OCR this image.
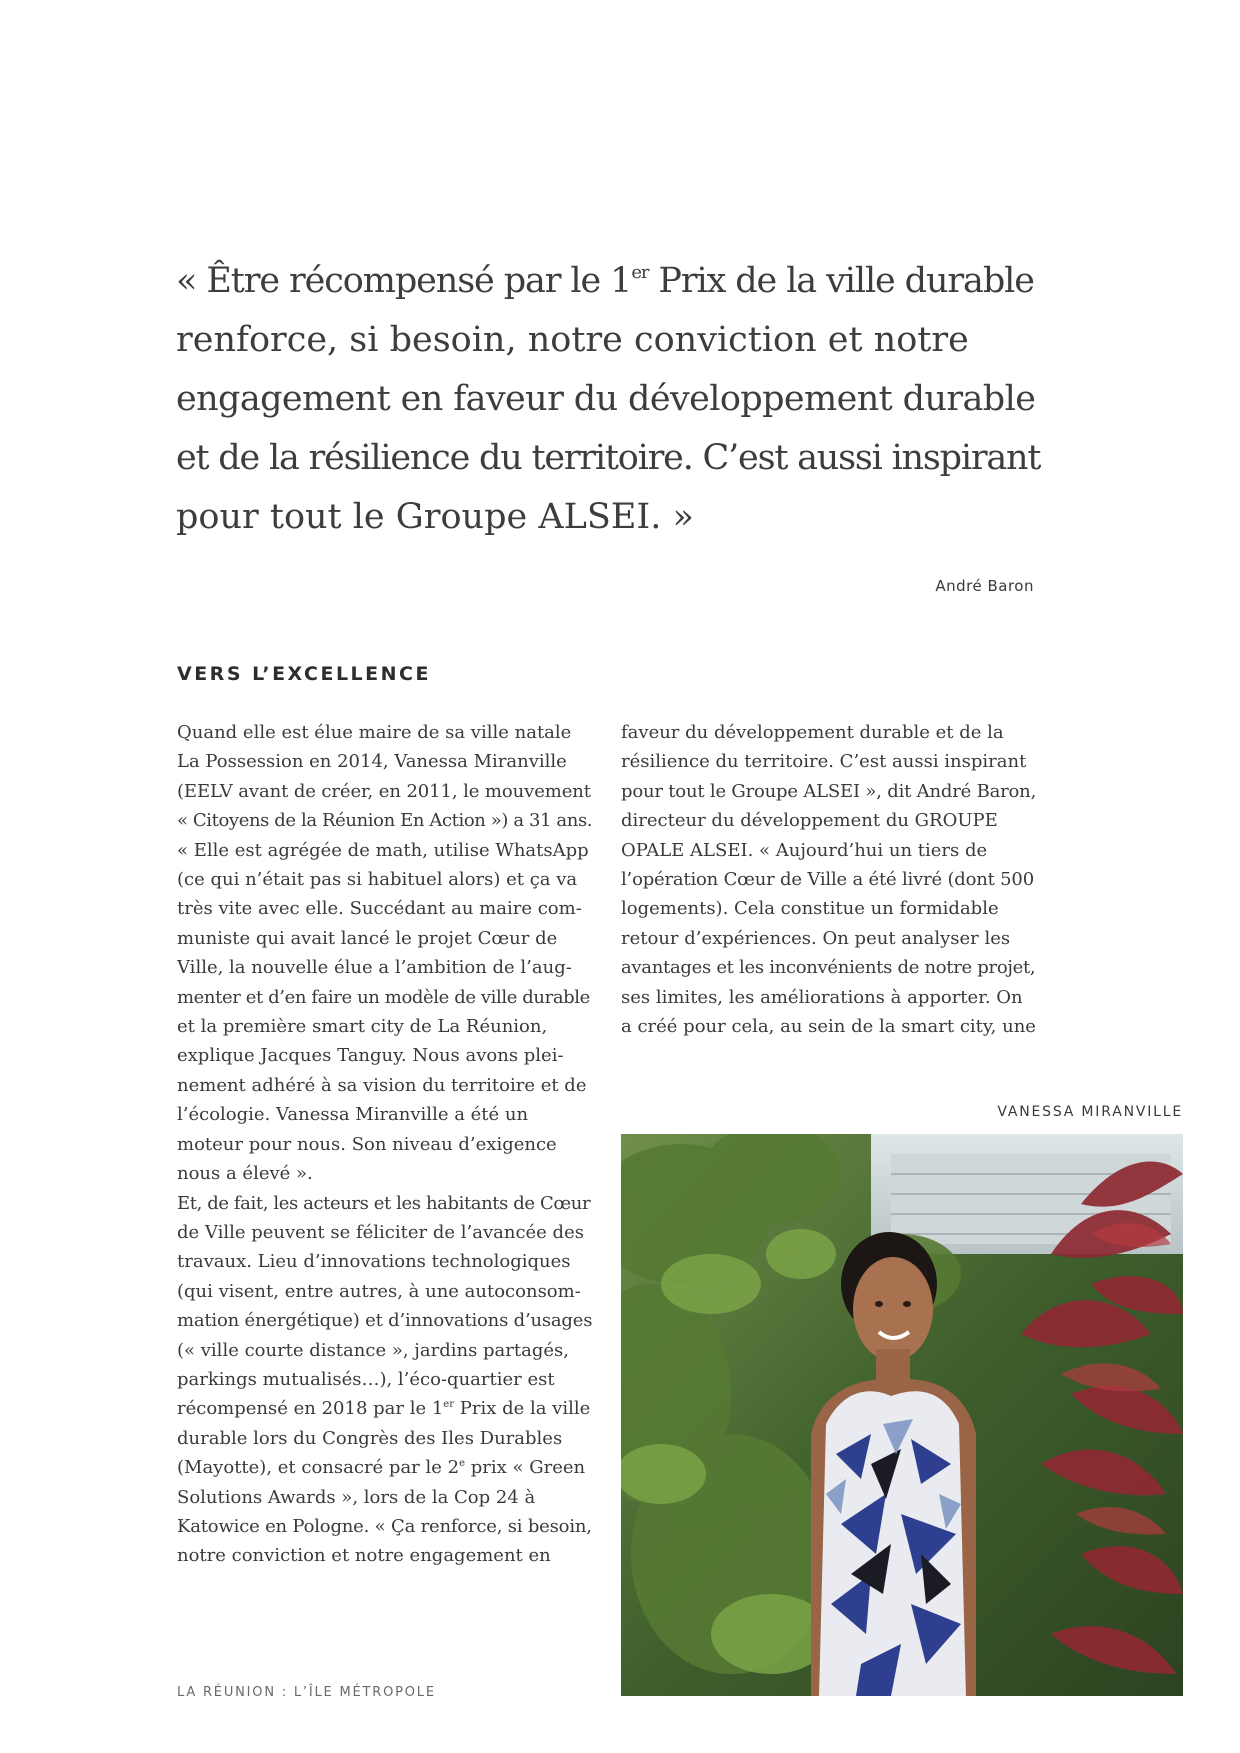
« Être récompensé par le 1er Prix de la ville durable
renforce, si besoin, notre conviction et notre
engagement en faveur du développement durable
et de la résilience du territoire. C’est aussi inspirant
pour tout le Groupe ALSEI. »
André Baron
VERS L’EXCELLENCE
Quand elle est élue maire de sa ville natale
La Possession en 2014, Vanessa Miranville
(EELV avant de créer, en 2011, le mouvement
« Citoyens de la Réunion En Action ») a 31 ans.
« Elle est agrégée de math, utilise WhatsApp
(ce qui n’était pas si habituel alors) et ça va
très vite avec elle. Succédant au maire com-
muniste qui avait lancé le projet Cœur de
Ville, la nouvelle élue a l’ambition de l’aug-
menter et d’en faire un modèle de ville durable
et la première smart city de La Réunion,
explique Jacques Tanguy. Nous avons plei-
nement adhéré à sa vision du territoire et de
l’écologie. Vanessa Miranville a été un
moteur pour nous. Son niveau d’exigence
nous a élevé ».
Et, de fait, les acteurs et les habitants de Cœur
de Ville peuvent se féliciter de l’avancée des
travaux. Lieu d’innovations technologiques
(qui visent, entre autres, à une autoconsom-
mation énergétique) et d’innovations d’usages
(« ville courte distance », jardins partagés,
parkings mutualisés…), l’éco-quartier est
récompensé en 2018 par le 1er Prix de la ville
durable lors du Congrès des Iles Durables
(Mayotte), et consacré par le 2e prix « Green
Solutions Awards », lors de la Cop 24 à
Katowice en Pologne. « Ça renforce, si besoin,
notre conviction et notre engagement en
faveur du développement durable et de la
résilience du territoire. C’est aussi inspirant
pour tout le Groupe ALSEI », dit André Baron,
directeur du développement du GROUPE
OPALE ALSEI. « Aujourd’hui un tiers de
l’opération Cœur de Ville a été livré (dont 500
logements). Cela constitue un formidable
retour d’expériences. On peut analyser les
avantages et les inconvénients de notre projet,
ses limites, les améliorations à apporter. On
a créé pour cela, au sein de la smart city, une
VANESSA MIRANVILLE
LA RÉUNION : L’ÎLE MÉTROPOLE
